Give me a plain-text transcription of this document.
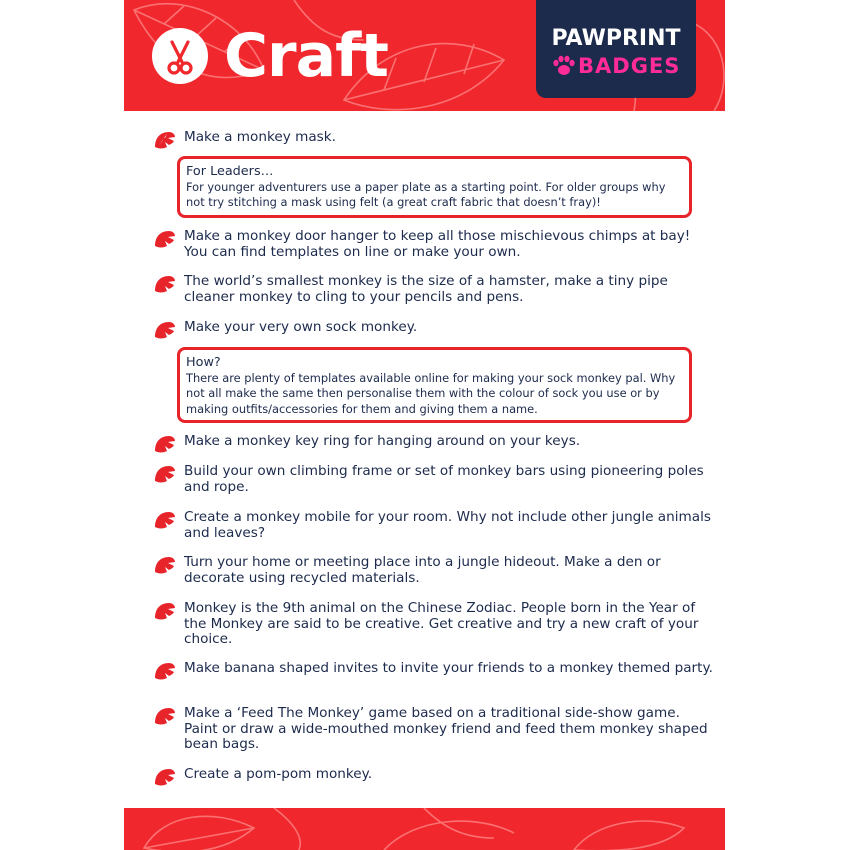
Craft	PAWPRINT
BADGES
Make a monkey mask.
For Leaders…
For younger adventurers use a paper plate as a starting point. For older groups why not try stitching a mask using felt (a great craft fabric that doesn’t fray)!
Make a monkey door hanger to keep all those mischievous chimps at bay! You can find templates on line or make your own.
The world’s smallest monkey is the size of a hamster, make a tiny pipe cleaner monkey to cling to your pencils and pens.
Make your very own sock monkey.
How?
There are plenty of templates available online for making your sock monkey pal. Why not all make the same then personalise them with the colour of sock you use or by making outfits/accessories for them and giving them a name.
Make a monkey key ring for hanging around on your keys.
Build your own climbing frame or set of monkey bars using pioneering poles and rope.
Create a monkey mobile for your room. Why not include other jungle animals and leaves?
Turn your home or meeting place into a jungle hideout. Make a den or decorate using recycled materials.
Monkey is the 9th animal on the Chinese Zodiac. People born in the Year of the Monkey are said to be creative. Get creative and try a new craft of your choice.
Make banana shaped invites to invite your friends to a monkey themed party.
Make a ‘Feed The Monkey’ game based on a traditional side-show game. Paint or draw a wide-mouthed monkey friend and feed them monkey shaped bean bags.
Create a pom-pom monkey.
